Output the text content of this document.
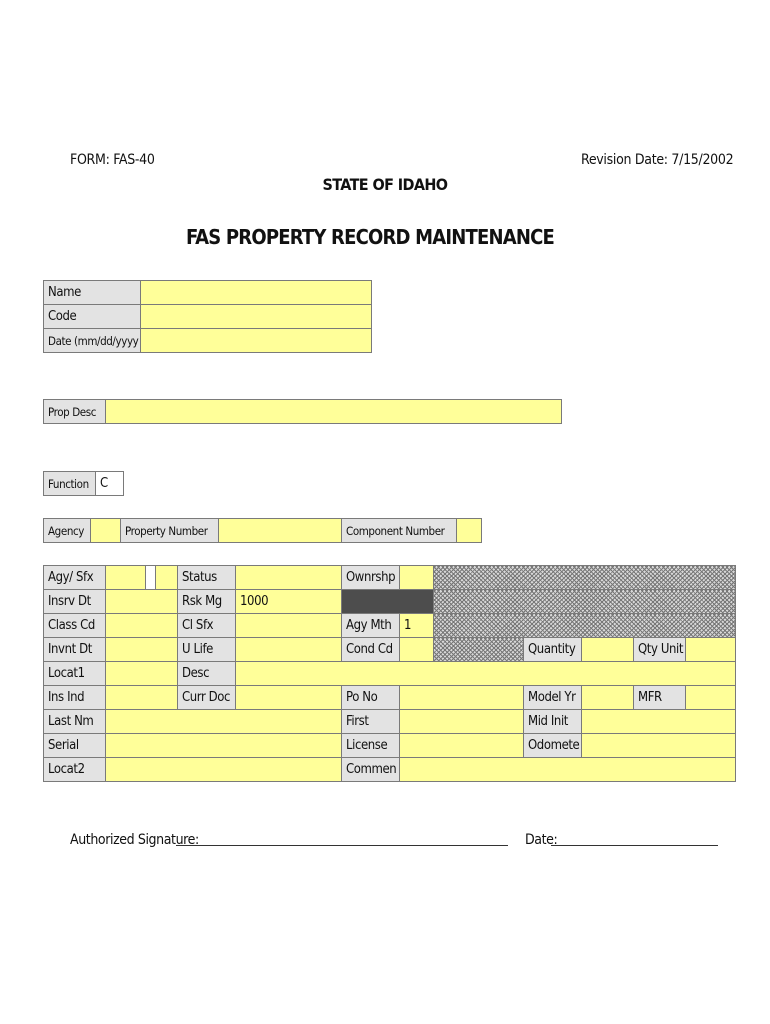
FORM: FAS-40	Revision Date: 7/15/2002
STATE OF IDAHO
FAS PROPERTY RECORD MAINTENANCE
Name	
Code	
Date (mm/dd/yyyy	
Prop Desc	
Function	C
Agency		Property Number		Component Number	
Agy/ Sfx				Status		Ownrshp						
Insrv Dt				Rsk Mg	1000							
Class Cd				Cl Sfx		Agy Mth	1					
Invnt Dt				U Life		Cond Cd			Quantity		Qty Unit	
Locat1				Desc								
Ins Ind				Curr Doc		Po No			Model Yr		MFR	
Last Nm						First			Mid Init			
Serial						License			Odomete			
Locat2						Commen						
Authorized Signature:	Date:
